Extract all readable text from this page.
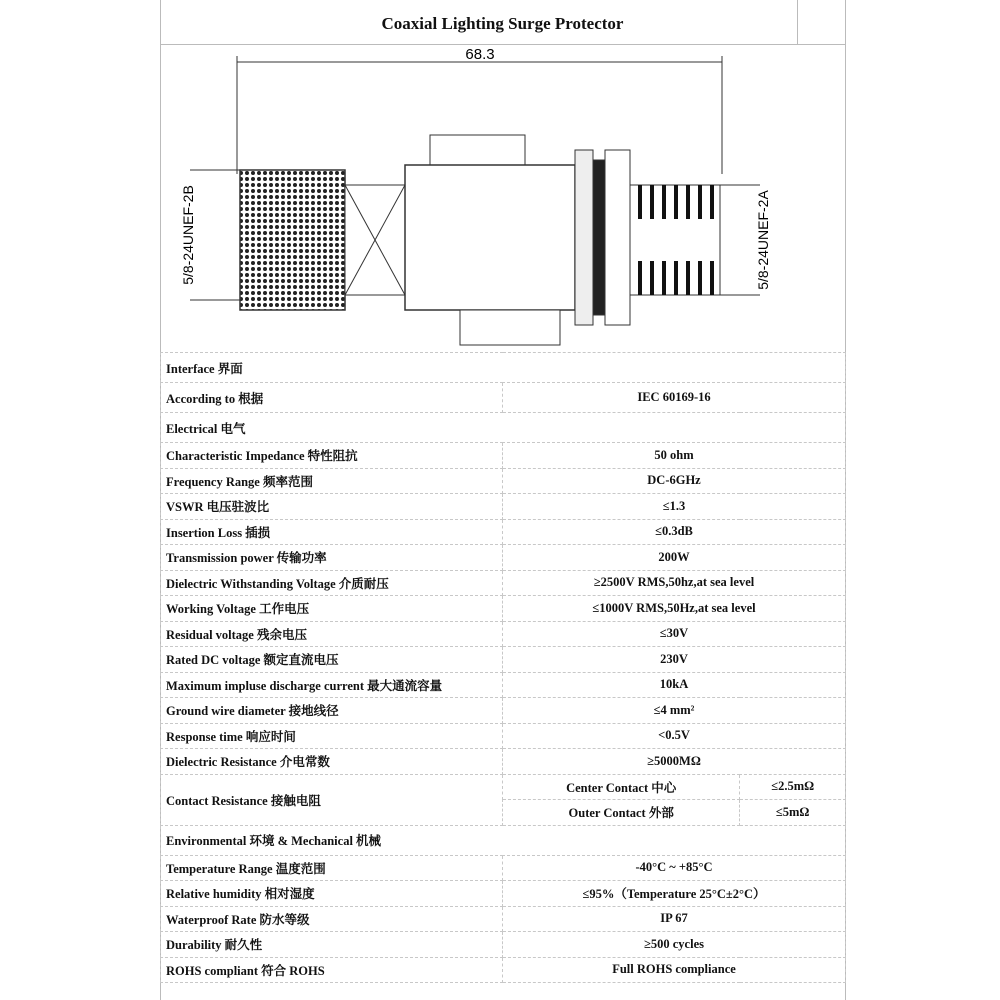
Coaxial Lighting Surge Protector
68.3
5/8-24UNEF-2B	5/8-24UNEF-2A
Interface 界面		
According to 根据	IEC 60169-16	
Electrical 电气		
Characteristic Impedance 特性阻抗	50 ohm	
Frequency Range 频率范围	DC-6GHz	
VSWR 电压驻波比	≤1.3	
Insertion Loss 插损	≤0.3dB	
Transmission power 传输功率	200W	
Dielectric Withstanding Voltage 介质耐压	≥2500V RMS,50hz,at sea level	
Working Voltage 工作电压	≤1000V RMS,50Hz,at sea level	
Residual voltage 残余电压	≤30V	
Rated DC voltage 额定直流电压	230V	
Maximum impluse discharge current 最大通流容量	10kA	
Ground wire diameter 接地线径	≤4 mm²	
Response time 响应时间	<0.5V	
Dielectric Resistance 介电常数	≥5000MΩ	
Contact Resistance 接触电阻	Center Contact 中心	≤2.5mΩ
	Outer Contact 外部	≤5mΩ
Environmental 环境 & Mechanical 机械		
Temperature Range 温度范围	-40°C ~ +85°C	
Relative humidity 相对湿度	≤95%（Temperature 25°C±2°C）	
Waterproof Rate 防水等级	IP 67	
Durability 耐久性	≥500 cycles	
ROHS compliant 符合 ROHS	Full ROHS compliance	
